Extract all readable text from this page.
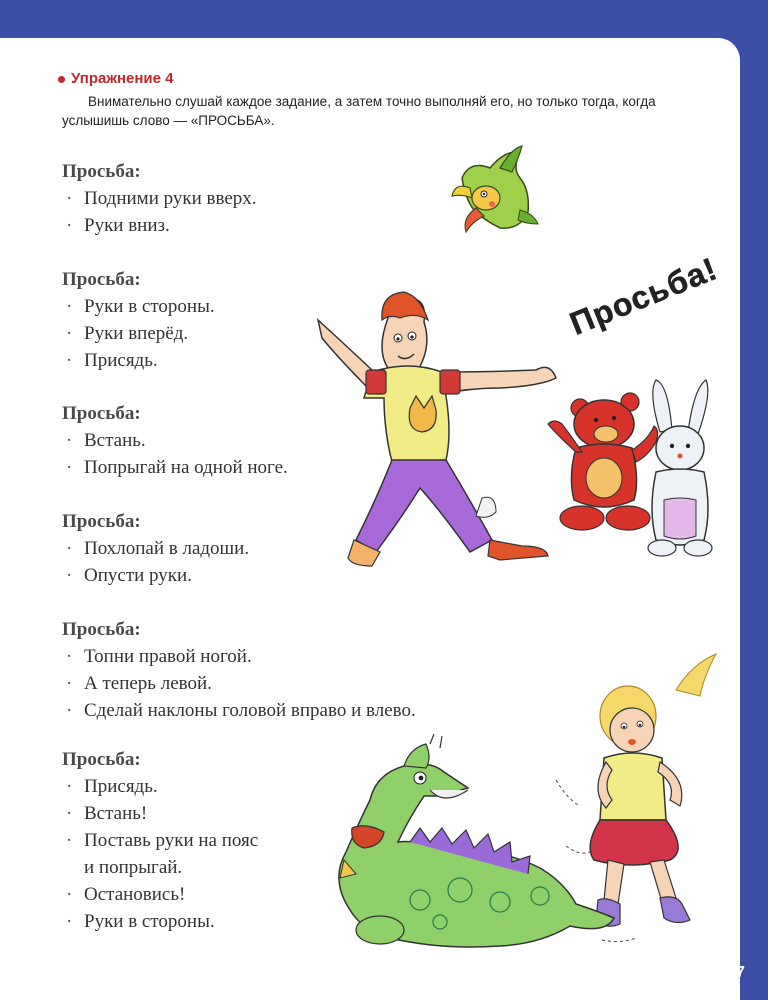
Упражнение 4
Внимательно слушай каждое задание, а затем точно выполняй его, но только тогда, когда услышишь слово — «ПРОСЬБА».

Просьба:

· Подними руки вверх.

· Руки вниз.

Просьба:

· Руки в стороны.

· Руки вперёд.

· Присядь.

Просьба:

· Встань.

· Попрыгай на одной ноге.

Просьба:

· Похлопай в ладоши.

· Опусти руки.

Просьба:

· Топни правой ногой.

· А теперь левой.

· Сделай наклоны головой вправо и влево.

Просьба:

· Присядь.

· Встань!

· Поставь руки на пояс

и попрыгай.

· Остановись!

· Руки в стороны.

Просьба!
7
